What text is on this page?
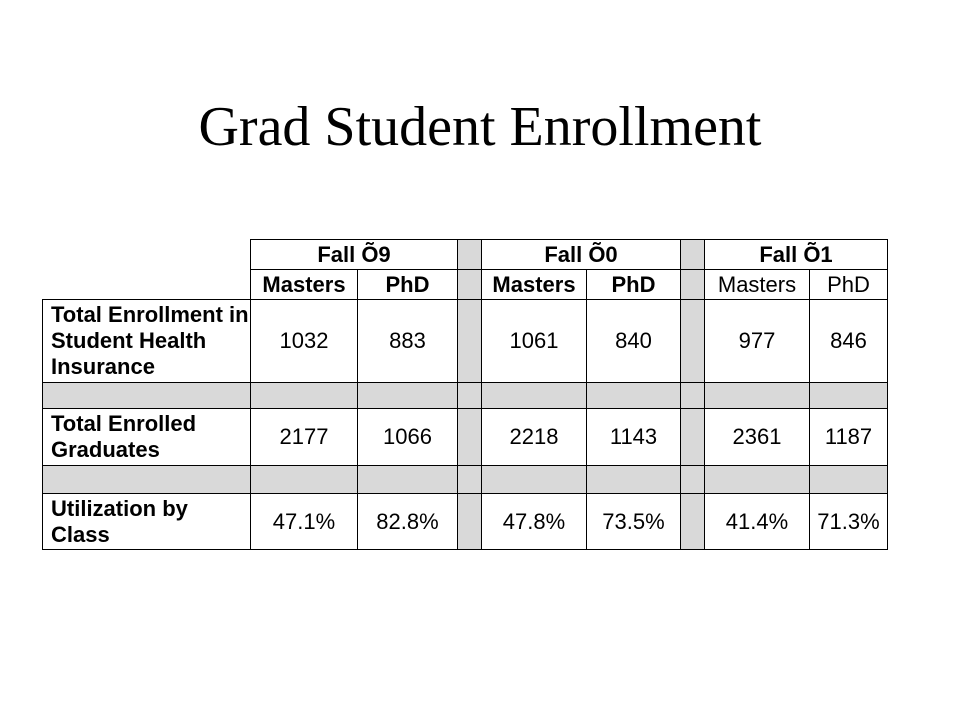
Grad Student Enrollment
Fall Õ9	Fall Õ0	Fall Õ1
Masters	PhD	Masters	PhD	Masters	PhD
Total Enrollment in Student Health Insurance
1032	883	1061	840	977	846
Total Enrolled Graduates
2177	1066	2218	1143	2361	1187
Utilization by Class
47.1%	82.8%	47.8%	73.5%	41.4%	71.3%
